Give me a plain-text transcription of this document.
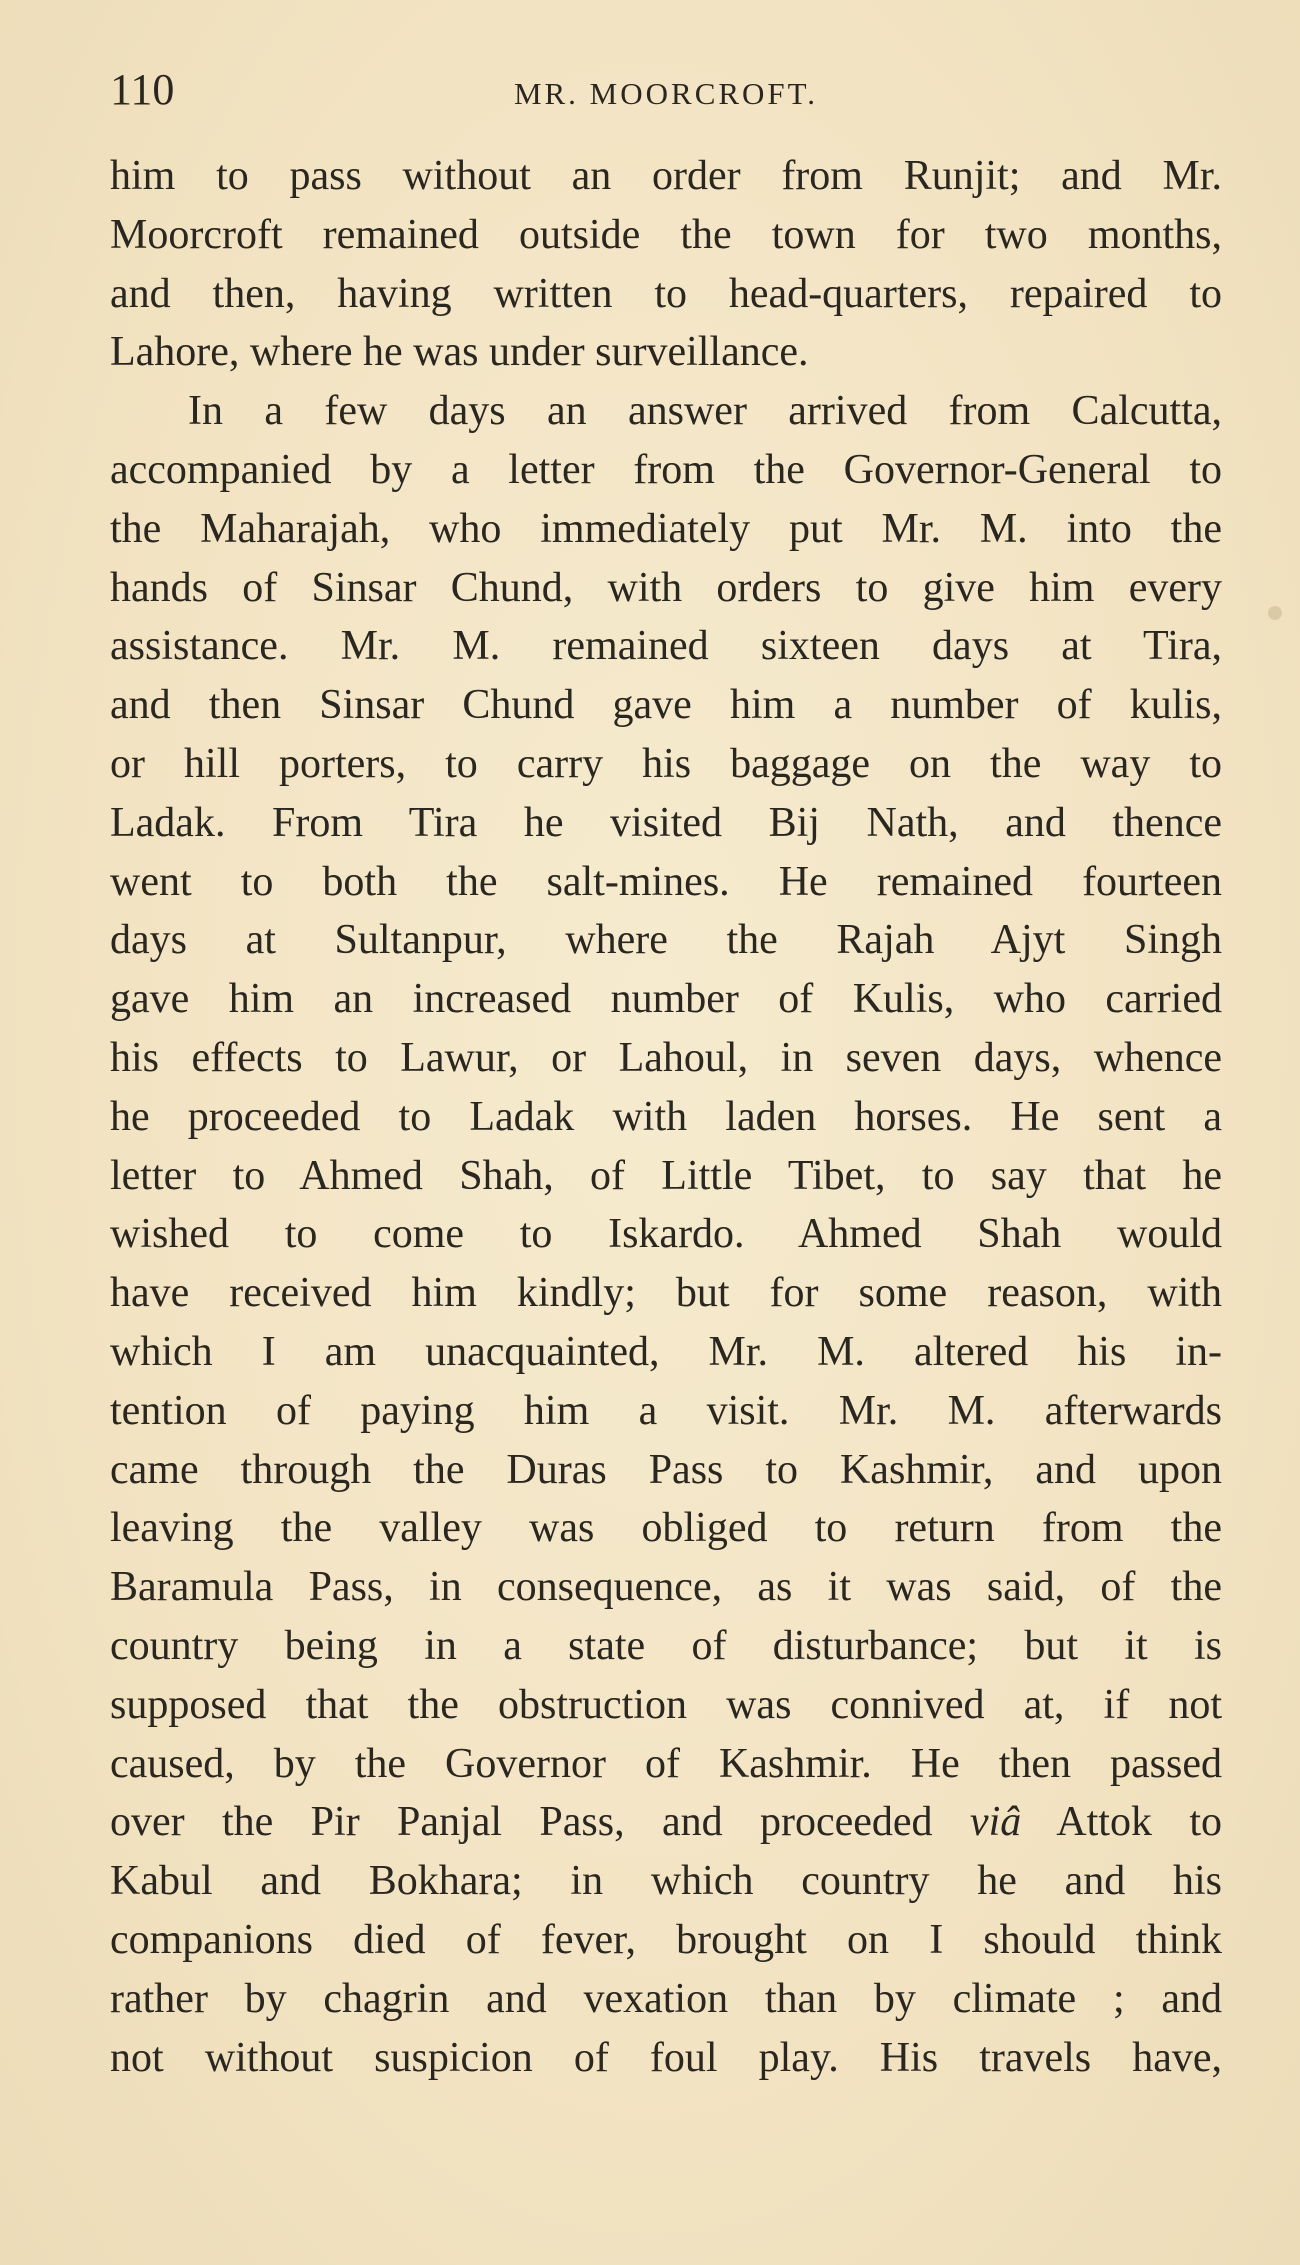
110	MR. MOORCROFT.
him to pass without an order from Runjit; and Mr.
Moorcroft remained outside the town for two months,
and then, having written to head-quarters, repaired to
Lahore, where he was under surveillance.
In a few days an answer arrived from Calcutta,
accompanied by a letter from the Governor-General to
the Maharajah, who immediately put Mr. M. into the
hands of Sinsar Chund, with orders to give him every
assistance. Mr. M. remained sixteen days at Tira,
and then Sinsar Chund gave him a number of kulis,
or hill porters, to carry his baggage on the way to
Ladak. From Tira he visited Bij Nath, and thence
went to both the salt-mines. He remained fourteen
days at Sultanpur, where the Rajah Ajyt Singh
gave him an increased number of Kulis, who carried
his effects to Lawur, or Lahoul, in seven days, whence
he proceeded to Ladak with laden horses. He sent a
letter to Ahmed Shah, of Little Tibet, to say that he
wished to come to Iskardo. Ahmed Shah would
have received him kindly; but for some reason, with
which I am unacquainted, Mr. M. altered his in-
tention of paying him a visit. Mr. M. afterwards
came through the Duras Pass to Kashmir, and upon
leaving the valley was obliged to return from the
Baramula Pass, in consequence, as it was said, of the
country being in a state of disturbance; but it is
supposed that the obstruction was connived at, if not
caused, by the Governor of Kashmir. He then passed
over the Pir Panjal Pass, and proceeded viâ Attok to
Kabul and Bokhara; in which country he and his
companions died of fever, brought on I should think
rather by chagrin and vexation than by climate ; and
not without suspicion of foul play. His travels have,
